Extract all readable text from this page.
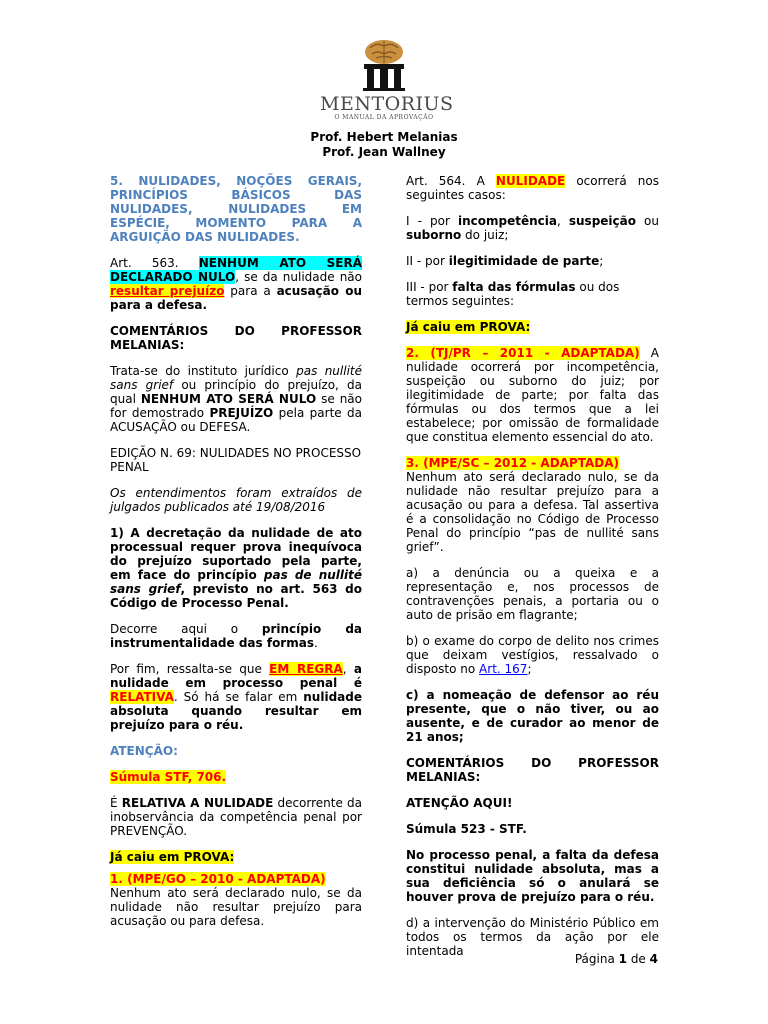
MENTORIUS
O MANUAL DA APROVAÇÃO
Prof. Hebert Melanias
Prof. Jean Wallney

5. NULIDADES, NOÇÕES GERAIS, PRINCÍPIOS BÁSICOS DAS NULIDADES, NULIDADES EM ESPÉCIE, MOMENTO PARA A ARGUIÇÃO DAS NULIDADES.

Art. 563. NENHUM ATO SERÁ DECLARADO NULO, se da nulidade não resultar prejuízo para a acusação ou para a defesa.

COMENTÁRIOS DO PROFESSOR MELANIAS:

Trata-se do instituto jurídico pas nullité sans grief ou princípio do prejuízo, da qual NENHUM ATO SERÁ NULO se não for demostrado PREJUÍZO pela parte da ACUSAÇÃO ou DEFESA.

EDIÇÃO N. 69: NULIDADES NO PROCESSO PENAL

Os entendimentos foram extraídos de julgados publicados até 19/08/2016

1) A decretação da nulidade de ato processual requer prova inequívoca do prejuízo suportado pela parte, em face do princípio pas de nullité sans grief, previsto no art. 563 do Código de Processo Penal.

Decorre aqui o princípio da instrumentalidade das formas.

Por fim, ressalta-se que EM REGRA, a nulidade em processo penal é RELATIVA. Só há se falar em nulidade absoluta quando resultar em prejuízo para o réu.

ATENÇÃO:

Súmula STF, 706.

É RELATIVA A NULIDADE decorrente da inobservância da competência penal por PREVENÇÃO.

Já caiu em PROVA:

1. (MPE/GO – 2010 - ADAPTADA)
Nenhum ato será declarado nulo, se da nulidade não resultar prejuízo para acusação ou para defesa.

Art. 564. A NULIDADE ocorrerá nos seguintes casos:

I - por incompetência, suspeição ou suborno do juiz;

II - por ilegitimidade de parte;

III - por falta das fórmulas ou dos termos seguintes:

Já caiu em PROVA:

2. (TJ/PR – 2011 - ADAPTADA) A nulidade ocorrerá por incompetência, suspeição ou suborno do juiz; por ilegitimidade de parte; por falta das fórmulas ou dos termos que a lei estabelece; por omissão de formalidade que constitua elemento essencial do ato.

3. (MPE/SC – 2012 - ADAPTADA)
Nenhum ato será declarado nulo, se da nulidade não resultar prejuízo para a acusação ou para a defesa. Tal assertiva é a consolidação no Código de Processo Penal do princípio “pas de nullité sans grief”.

a) a denúncia ou a queixa e a representação e, nos processos de contravenções penais, a portaria ou o auto de prisão em flagrante;

b) o exame do corpo de delito nos crimes que deixam vestígios, ressalvado o disposto no Art. 167;

c) a nomeação de defensor ao réu presente, que o não tiver, ou ao ausente, e de curador ao menor de 21 anos;

COMENTÁRIOS DO PROFESSOR MELANIAS:

ATENÇÃO AQUI!

Súmula 523 - STF.

No processo penal, a falta da defesa constitui nulidade absoluta, mas a sua deficiência só o anulará se houver prova de prejuízo para o réu.

d) a intervenção do Ministério Público em todos os termos da ação por ele intentada

Página 1 de 4
